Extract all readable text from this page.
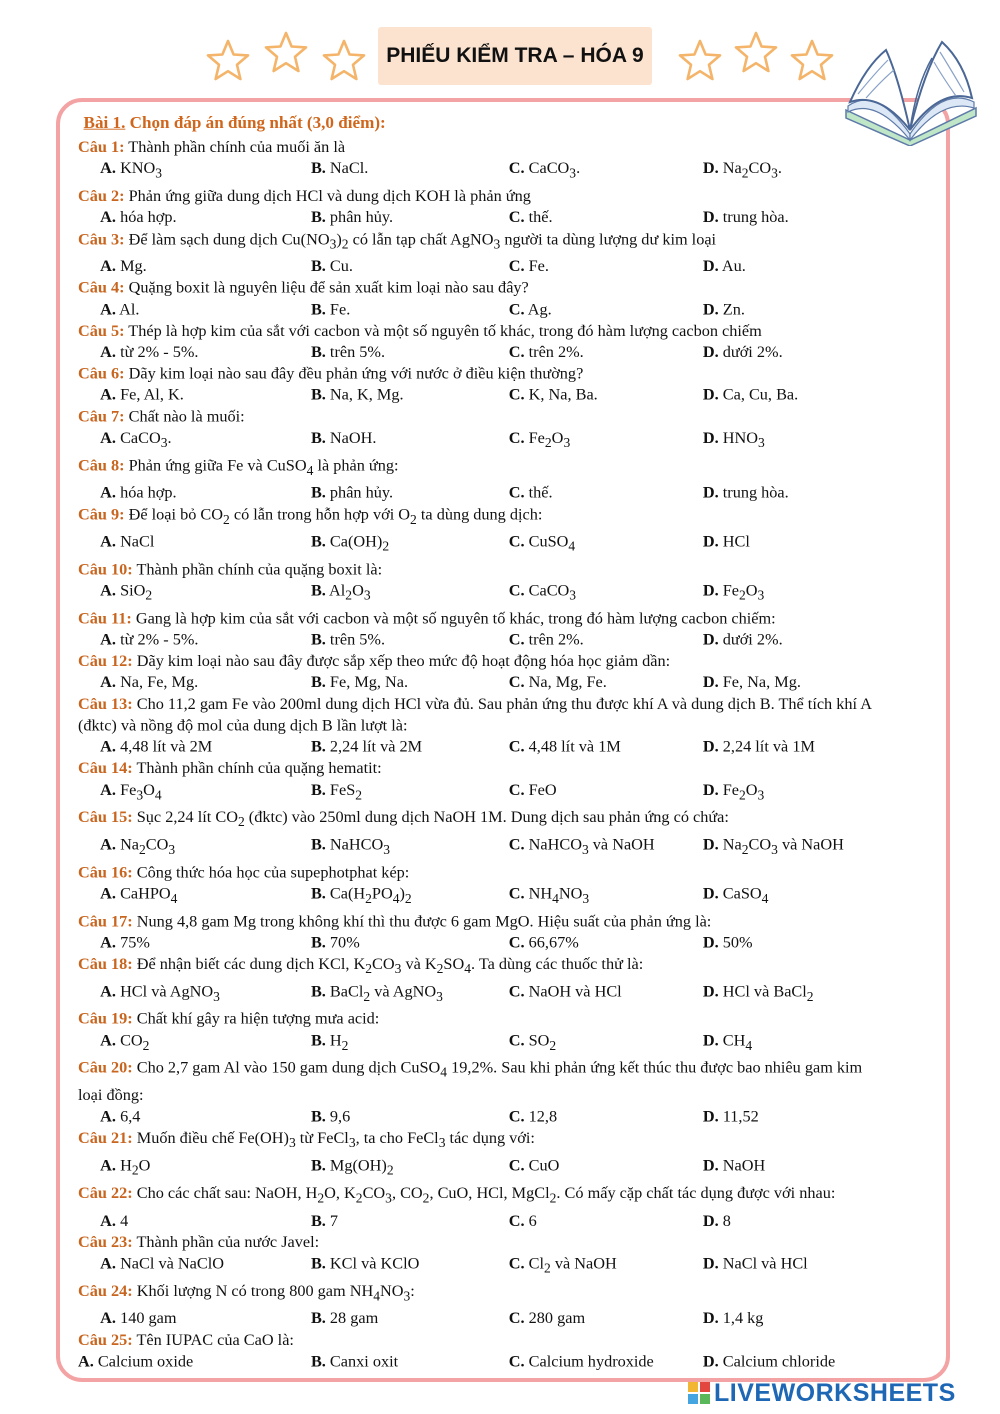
PHIẾU KIỂM TRA – HÓA 9
Bài 1. Chọn đáp án đúng nhất (3,0 điểm):
Câu 1: Thành phần chính của muối ăn là
A. $KNO_3$	B. NaCl.	C. CaCO$_3$.	D. $Na_2CO_3$.
Câu 2: Phản ứng giữa dung dịch HCl và dung dịch KOH là phản ứng
A. hóa hợp.	B. phân hủy.	C. thế.	D. trung hòa.
Câu 3: Để làm sạch dung dịch $Cu(NO_3)_2$ có lẫn tạp chất AgNO$_3$ người ta dùng lượng dư kim loại
A. Mg.	B. Cu.	C. Fe.	D. Au.
Câu 4: Quặng boxit là nguyên liệu để sản xuất kim loại nào sau đây?
A. Al.	B. Fe.	C. Ag.	D. Zn.
Câu 5: Thép là hợp kim của sắt với cacbon và một số nguyên tố khác, trong đó hàm lượng cacbon chiếm
A. từ 2% - 5%.	B. trên 5%.	C. trên 2%.	D. dưới 2%.
Câu 6: Dãy kim loại nào sau đây đều phản ứng với nước ở điều kiện thường?
A. Fe, Al, K.	B. Na, K, Mg.	C. K, Na, Ba.	D. Ca, Cu, Ba.
Câu 7: Chất nào là muối:
A. CaCO$_3$.	B. NaOH.	C. $Fe_2O_3$	D. $HNO_3$
Câu 8: Phản ứng giữa Fe và CuSO$_4$ là phản ứng:
A. hóa hợp.	B. phân hủy.	C. thế.	D. trung hòa.
Câu 9: Để loại bỏ $CO_2$ có lẫn trong hỗn hợp với $O_2$ ta dùng dung dịch:
A. NaCl	B. $Ca(OH)_2$	C. CuSO$_4$	D. HCl
Câu 10: Thành phần chính của quặng boxit là:
A. SiO$_2$	B. $Al_2O_3$	C. CaCO$_3$	D. $Fe_2O_3$
Câu 11: Gang là hợp kim của sắt với cacbon và một số nguyên tố khác, trong đó hàm lượng cacbon chiếm:
A. từ 2% - 5%.	B. trên 5%.	C. trên 2%.	D. dưới 2%.
Câu 12: Dãy kim loại nào sau đây được sắp xếp theo mức độ hoạt động hóa học giảm dần:
A. Na, Fe, Mg.	B. Fe, Mg, Na.	C. Na, Mg, Fe.	D. Fe, Na, Mg.
Câu 13: Cho 11,2 gam Fe vào 200ml dung dịch HCl vừa đủ. Sau phản ứng thu được khí A và dung dịch B. Thể tích khí A (đktc) và nồng độ mol của dung dịch B lần lượt là:
A. 4,48 lít và 2M	B. 2,24 lít và 2M	C. 4,48 lít và 1M	D. 2,24 lít và 1M
Câu 14: Thành phần chính của quặng hematit:
A. $Fe_3O_4$	B. FeS$_2$	C. FeO	D. $Fe_2O_3$
Câu 15: Sục 2,24 lít $CO_2$ (đktc) vào 250ml dung dịch NaOH 1M. Dung dịch sau phản ứng có chứa:
A. $Na_2CO_3$	B. NaHCO$_3$	C. NaHCO$_3$ và NaOH	D. $Na_2CO_3$ và NaOH
Câu 16: Công thức hóa học của supephotphat kép:
A. CaHPO$_4$	B. $Ca(H_2PO_4)_2$	C. $NH_4NO_3$	D. CaSO$_4$
Câu 17: Nung 4,8 gam Mg trong không khí thì thu được 6 gam MgO. Hiệu suất của phản ứng là:
A. 75%	B. 70%	C. 66,67%	D. 50%
Câu 18: Để nhận biết các dung dịch KCl, $K_2CO_3$ và $K_2SO_4$. Ta dùng các thuốc thử là:
A. HCl và AgNO$_3$	B. BaCl$_2$ và AgNO$_3$	C. NaOH và HCl	D. HCl và BaCl$_2$
Câu 19: Chất khí gây ra hiện tượng mưa acid:
A. $CO_2$	B. $H_2$	C. $SO_2$	D. $CH_4$
Câu 20: Cho 2,7 gam Al vào 150 gam dung dịch CuSO$_4$ 19,2%. Sau khi phản ứng kết thúc thu được bao nhiêu gam kim loại đồng:
A. 6,4	B. 9,6	C. 12,8	D. 11,52
Câu 21: Muốn điều chế $Fe(OH)_3$ từ FeCl$_3$, ta cho FeCl$_3$ tác dụng với:
A. $H_2O$	B. $Mg(OH)_2$	C. CuO	D. NaOH
Câu 22: Cho các chất sau: NaOH, $H_2O$, $K_2CO_3$, $CO_2$, CuO, HCl, MgCl$_2$. Có mấy cặp chất tác dụng được với nhau:
A. 4	B. 7	C. 6	D. 8
Câu 23: Thành phần của nước Javel:
A. NaCl và NaClO	B. KCl và KClO	C. $Cl_2$ và NaOH	D. NaCl và HCl
Câu 24: Khối lượng N có trong 800 gam $NH_4NO_3$:
A. 140 gam	B. 28 gam	C. 280 gam	D. 1,4 kg
Câu 25: Tên IUPAC của CaO là:
A. Calcium oxide	B. Canxi oxit	C. Calcium hydroxide	D. Calcium chloride
LIVEWORKSHEETS
